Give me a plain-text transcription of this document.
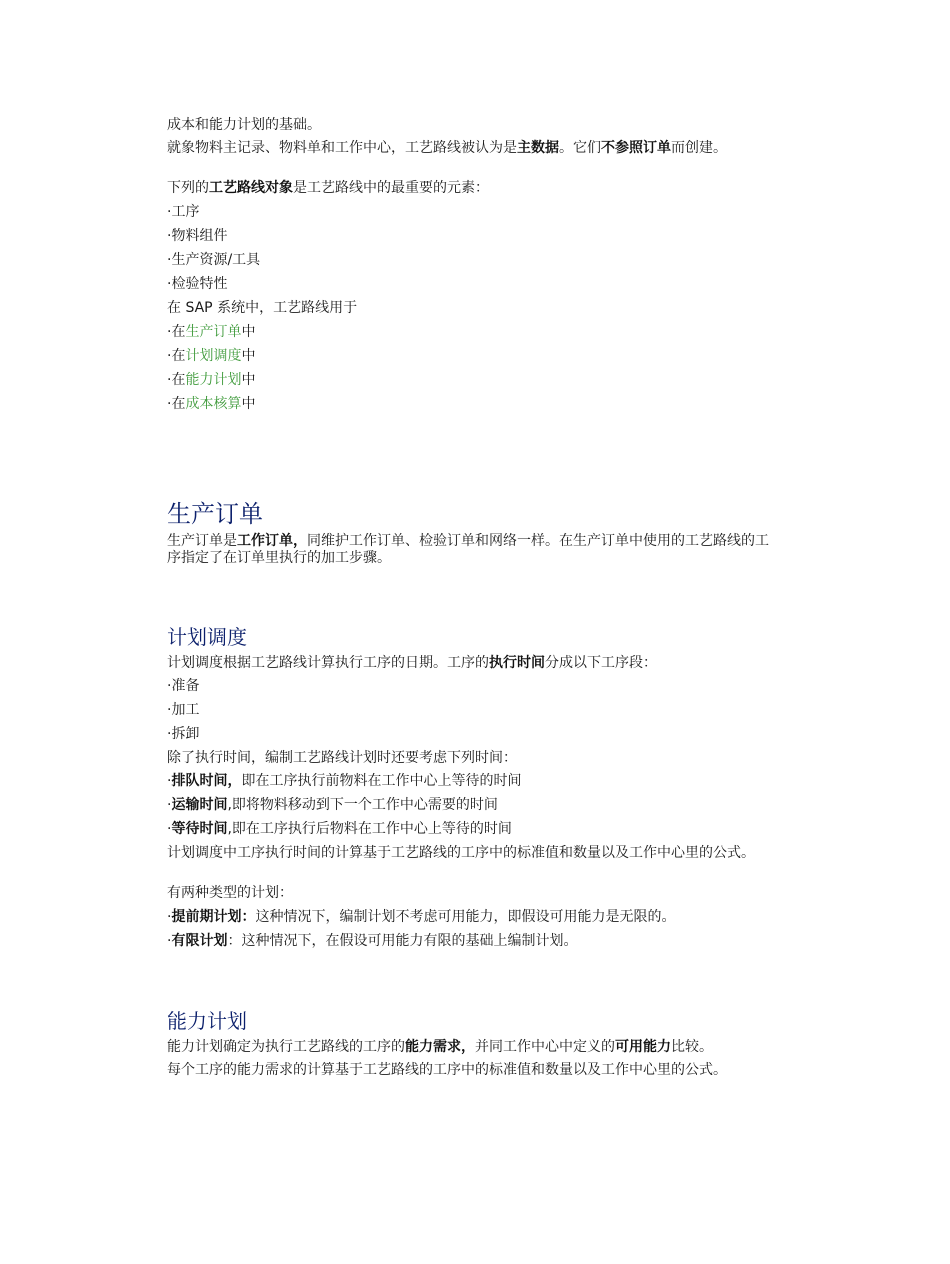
成本和能力计划的基础。

就象物料主记录、物料单和工作中心，工艺路线被认为是主数据。它们不参照订单而创建。

下列的工艺路线对象是工艺路线中的最重要的元素：

·工序

·物料组件

·生产资源/工具

·检验特性

在 SAP 系统中，工艺路线用于

·在生产订单中

·在计划调度中

·在能力计划中

·在成本核算中

生产订单

生产订单是工作订单，同维护工作订单、检验订单和网络一样。在生产订单中使用的工艺路线的工序指定了在订单里执行的加工步骤。

计划调度

计划调度根据工艺路线计算执行工序的日期。工序的执行时间分成以下工序段：

·准备

·加工

·拆卸

除了执行时间，编制工艺路线计划时还要考虑下列时间：

·排队时间，即在工序执行前物料在工作中心上等待的时间

·运输时间,即将物料移动到下一个工作中心需要的时间

·等待时间,即在工序执行后物料在工作中心上等待的时间

计划调度中工序执行时间的计算基于工艺路线的工序中的标准值和数量以及工作中心里的公式。

有两种类型的计划：

·提前期计划：这种情况下，编制计划不考虑可用能力，即假设可用能力是无限的。

·有限计划：这种情况下，在假设可用能力有限的基础上编制计划。

能力计划

能力计划确定为执行工艺路线的工序的能力需求，并同工作中心中定义的可用能力比较。

每个工序的能力需求的计算基于工艺路线的工序中的标准值和数量以及工作中心里的公式。
